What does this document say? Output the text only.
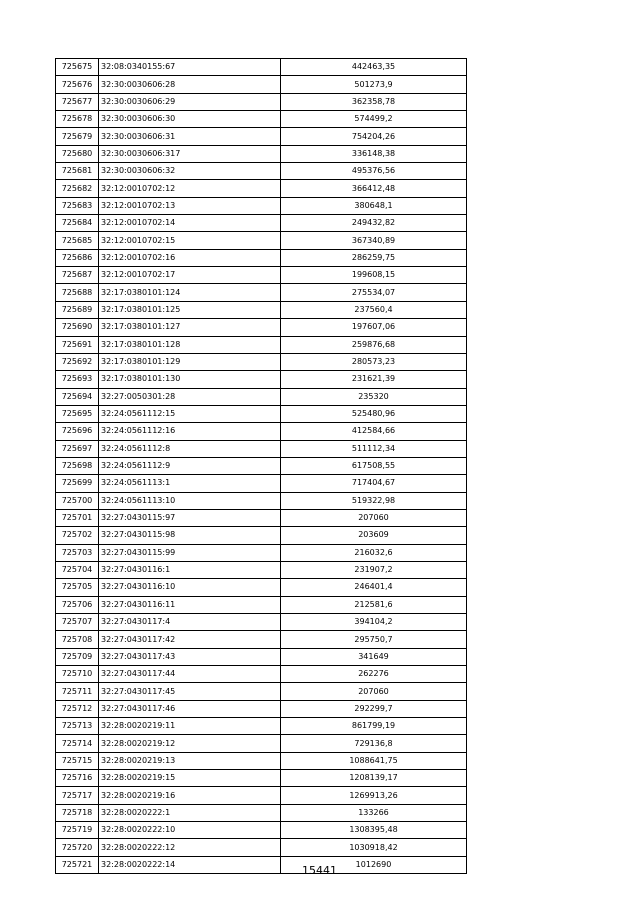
725675	32:08:0340155:67	442463,35
725676	32:30:0030606:28	501273,9
725677	32:30:0030606:29	362358,78
725678	32:30:0030606:30	574499,2
725679	32:30:0030606:31	754204,26
725680	32:30:0030606:317	336148,38
725681	32:30:0030606:32	495376,56
725682	32:12:0010702:12	366412,48
725683	32:12:0010702:13	380648,1
725684	32:12:0010702:14	249432,82
725685	32:12:0010702:15	367340,89
725686	32:12:0010702:16	286259,75
725687	32:12:0010702:17	199608,15
725688	32:17:0380101:124	275534,07
725689	32:17:0380101:125	237560,4
725690	32:17:0380101:127	197607,06
725691	32:17:0380101:128	259876,68
725692	32:17:0380101:129	280573,23
725693	32:17:0380101:130	231621,39
725694	32:27:0050301:28	235320
725695	32:24:0561112:15	525480,96
725696	32:24:0561112:16	412584,66
725697	32:24:0561112:8	511112,34
725698	32:24:0561112:9	617508,55
725699	32:24:0561113:1	717404,67
725700	32:24:0561113:10	519322,98
725701	32:27:0430115:97	207060
725702	32:27:0430115:98	203609
725703	32:27:0430115:99	216032,6
725704	32:27:0430116:1	231907,2
725705	32:27:0430116:10	246401,4
725706	32:27:0430116:11	212581,6
725707	32:27:0430117:4	394104,2
725708	32:27:0430117:42	295750,7
725709	32:27:0430117:43	341649
725710	32:27:0430117:44	262276
725711	32:27:0430117:45	207060
725712	32:27:0430117:46	292299,7
725713	32:28:0020219:11	861799,19
725714	32:28:0020219:12	729136,8
725715	32:28:0020219:13	1088641,75
725716	32:28:0020219:15	1208139,17
725717	32:28:0020219:16	1269913,26
725718	32:28:0020222:1	133266
725719	32:28:0020222:10	1308395,48
725720	32:28:0020222:12	1030918,42
725721	32:28:0020222:14	1012690
15441
